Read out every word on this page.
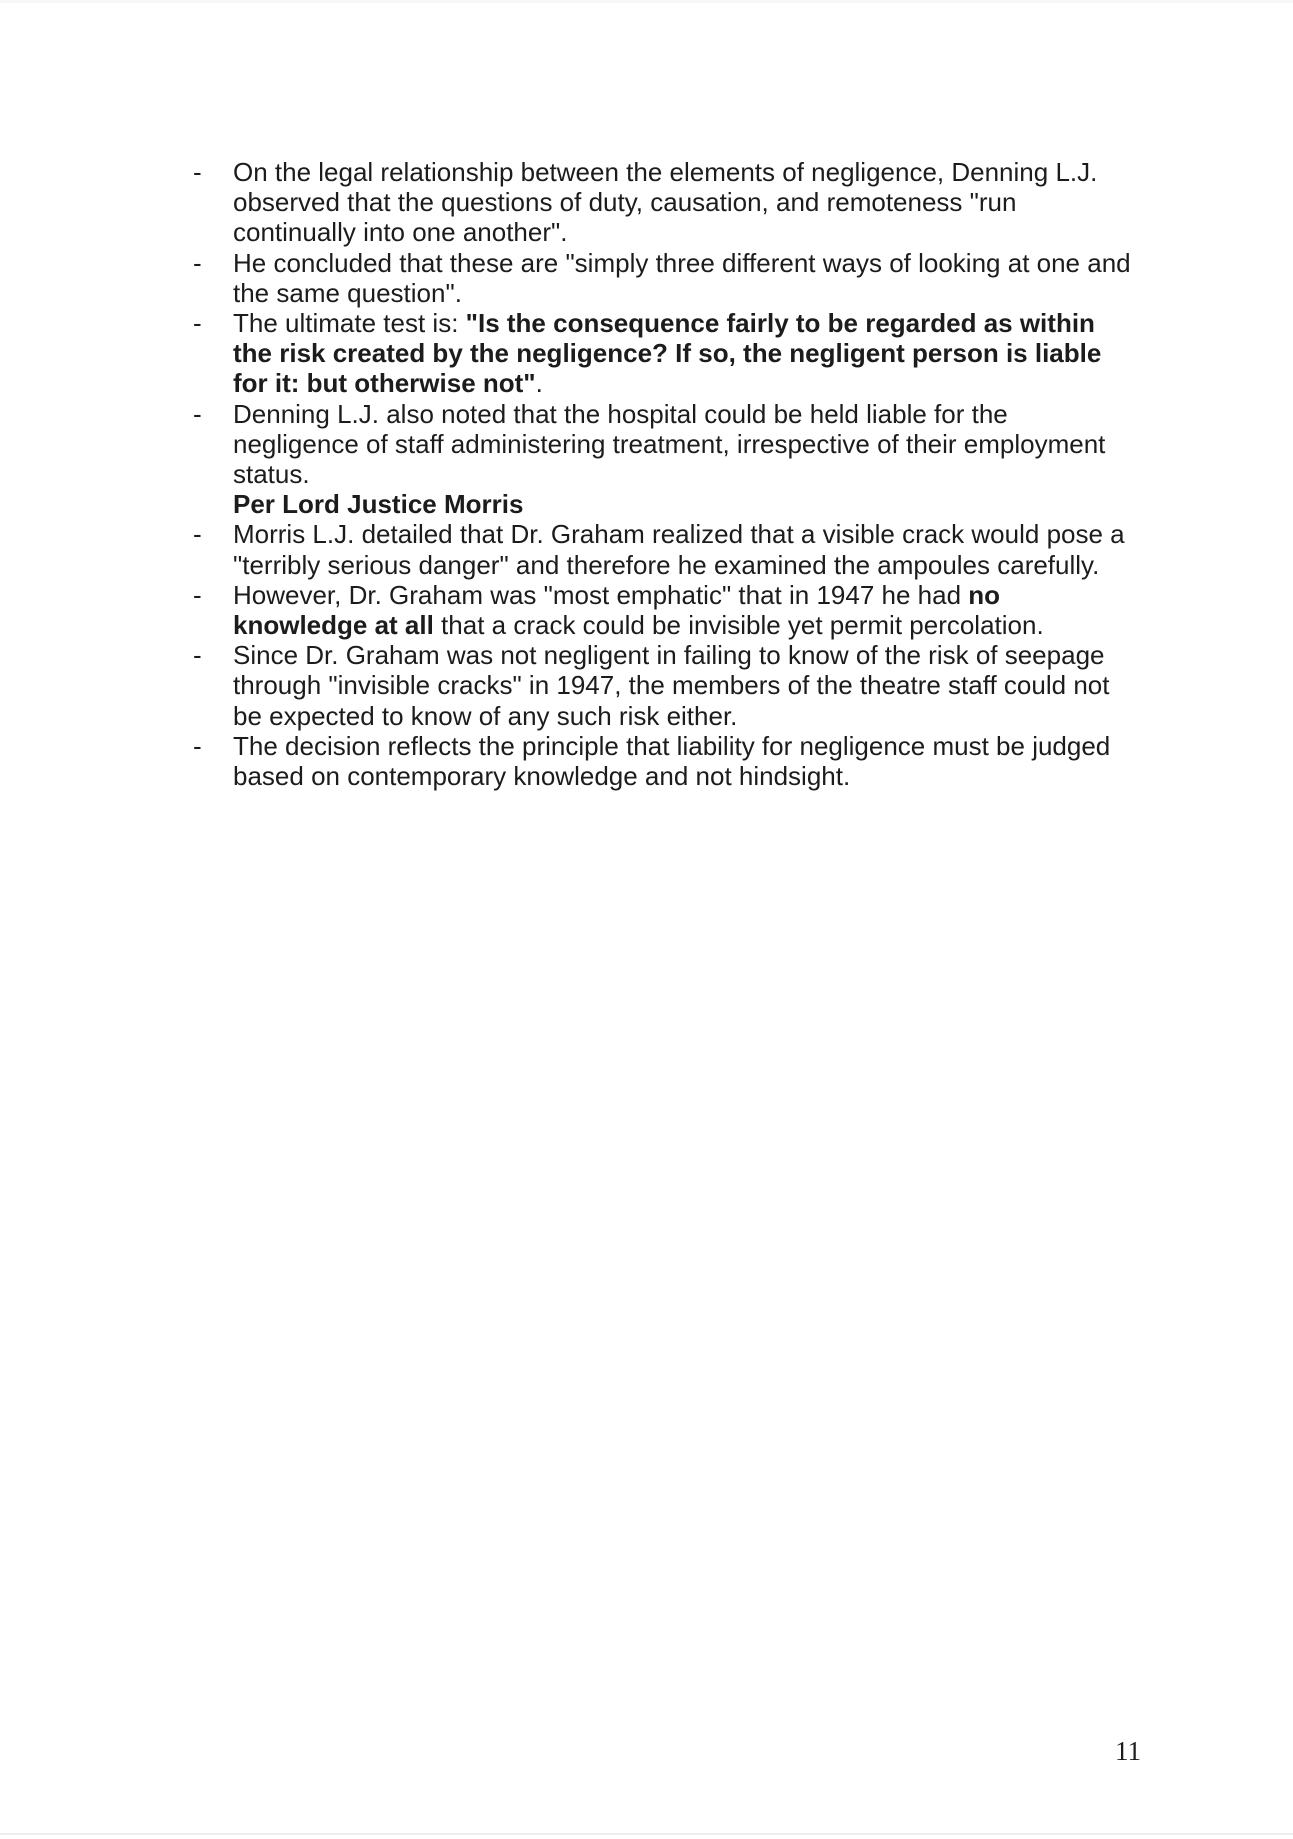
-	On the legal relationship between the elements of negligence, Denning L.J.
observed that the questions of duty, causation, and remoteness "run
continually into one another".
-	He concluded that these are "simply three different ways of looking at one and
the same question".
-	The ultimate test is: "Is the consequence fairly to be regarded as within
the risk created by the negligence? If so, the negligent person is liable
for it: but otherwise not".
-	Denning L.J. also noted that the hospital could be held liable for the
negligence of staff administering treatment, irrespective of their employment
status.
Per Lord Justice Morris
-	Morris L.J. detailed that Dr. Graham realized that a visible crack would pose a
"terribly serious danger" and therefore he examined the ampoules carefully.
-	However, Dr. Graham was "most emphatic" that in 1947 he had no
knowledge at all that a crack could be invisible yet permit percolation.
-	Since Dr. Graham was not negligent in failing to know of the risk of seepage
through "invisible cracks" in 1947, the members of the theatre staff could not
be expected to know of any such risk either.
-	The decision reflects the principle that liability for negligence must be judged
based on contemporary knowledge and not hindsight.
11
